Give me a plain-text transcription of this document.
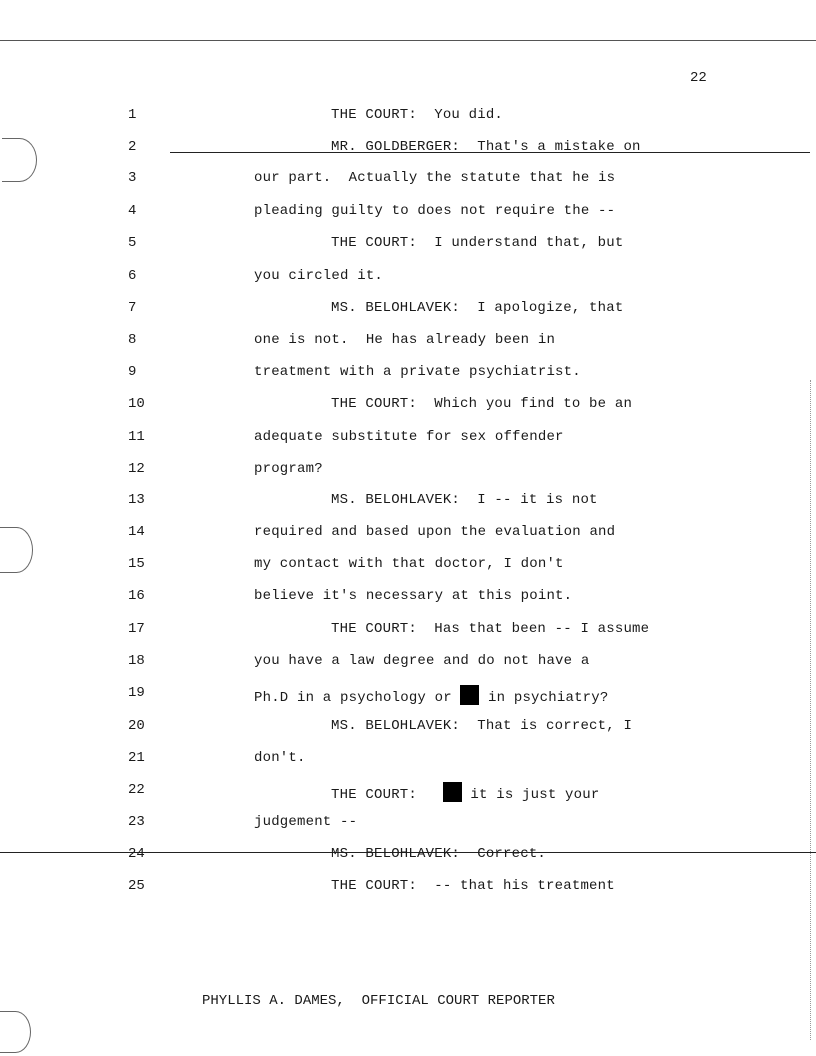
22
1	THE COURT:  You did.
2	MR. GOLDBERGER:  That's a mistake on
3	our part.  Actually the statute that he is
4	pleading guilty to does not require the --
5	THE COURT:  I understand that, but
6	you circled it.
7	MS. BELOHLAVEK:  I apologize, that
8	one is not.  He has already been in
9	treatment with a private psychiatrist.
10	THE COURT:  Which you find to be an
11	adequate substitute for sex offender
12	program?
13	MS. BELOHLAVEK:  I -- it is not
14	required and based upon the evaluation and
15	my contact with that doctor, I don't
16	believe it's necessary at this point.
17	THE COURT:  Has that been -- I assume
18	you have a law degree and do not have a
19	Ph.D in a psychology or  in psychiatry?
20	MS. BELOHLAVEK:  That is correct, I
21	don't.
22	THE COURT:    it is just your
23	judgement --
24	MS. BELOHLAVEK:  Correct.
25	THE COURT:  -- that his treatment
PHYLLIS A. DAMES,  OFFICIAL COURT REPORTER
